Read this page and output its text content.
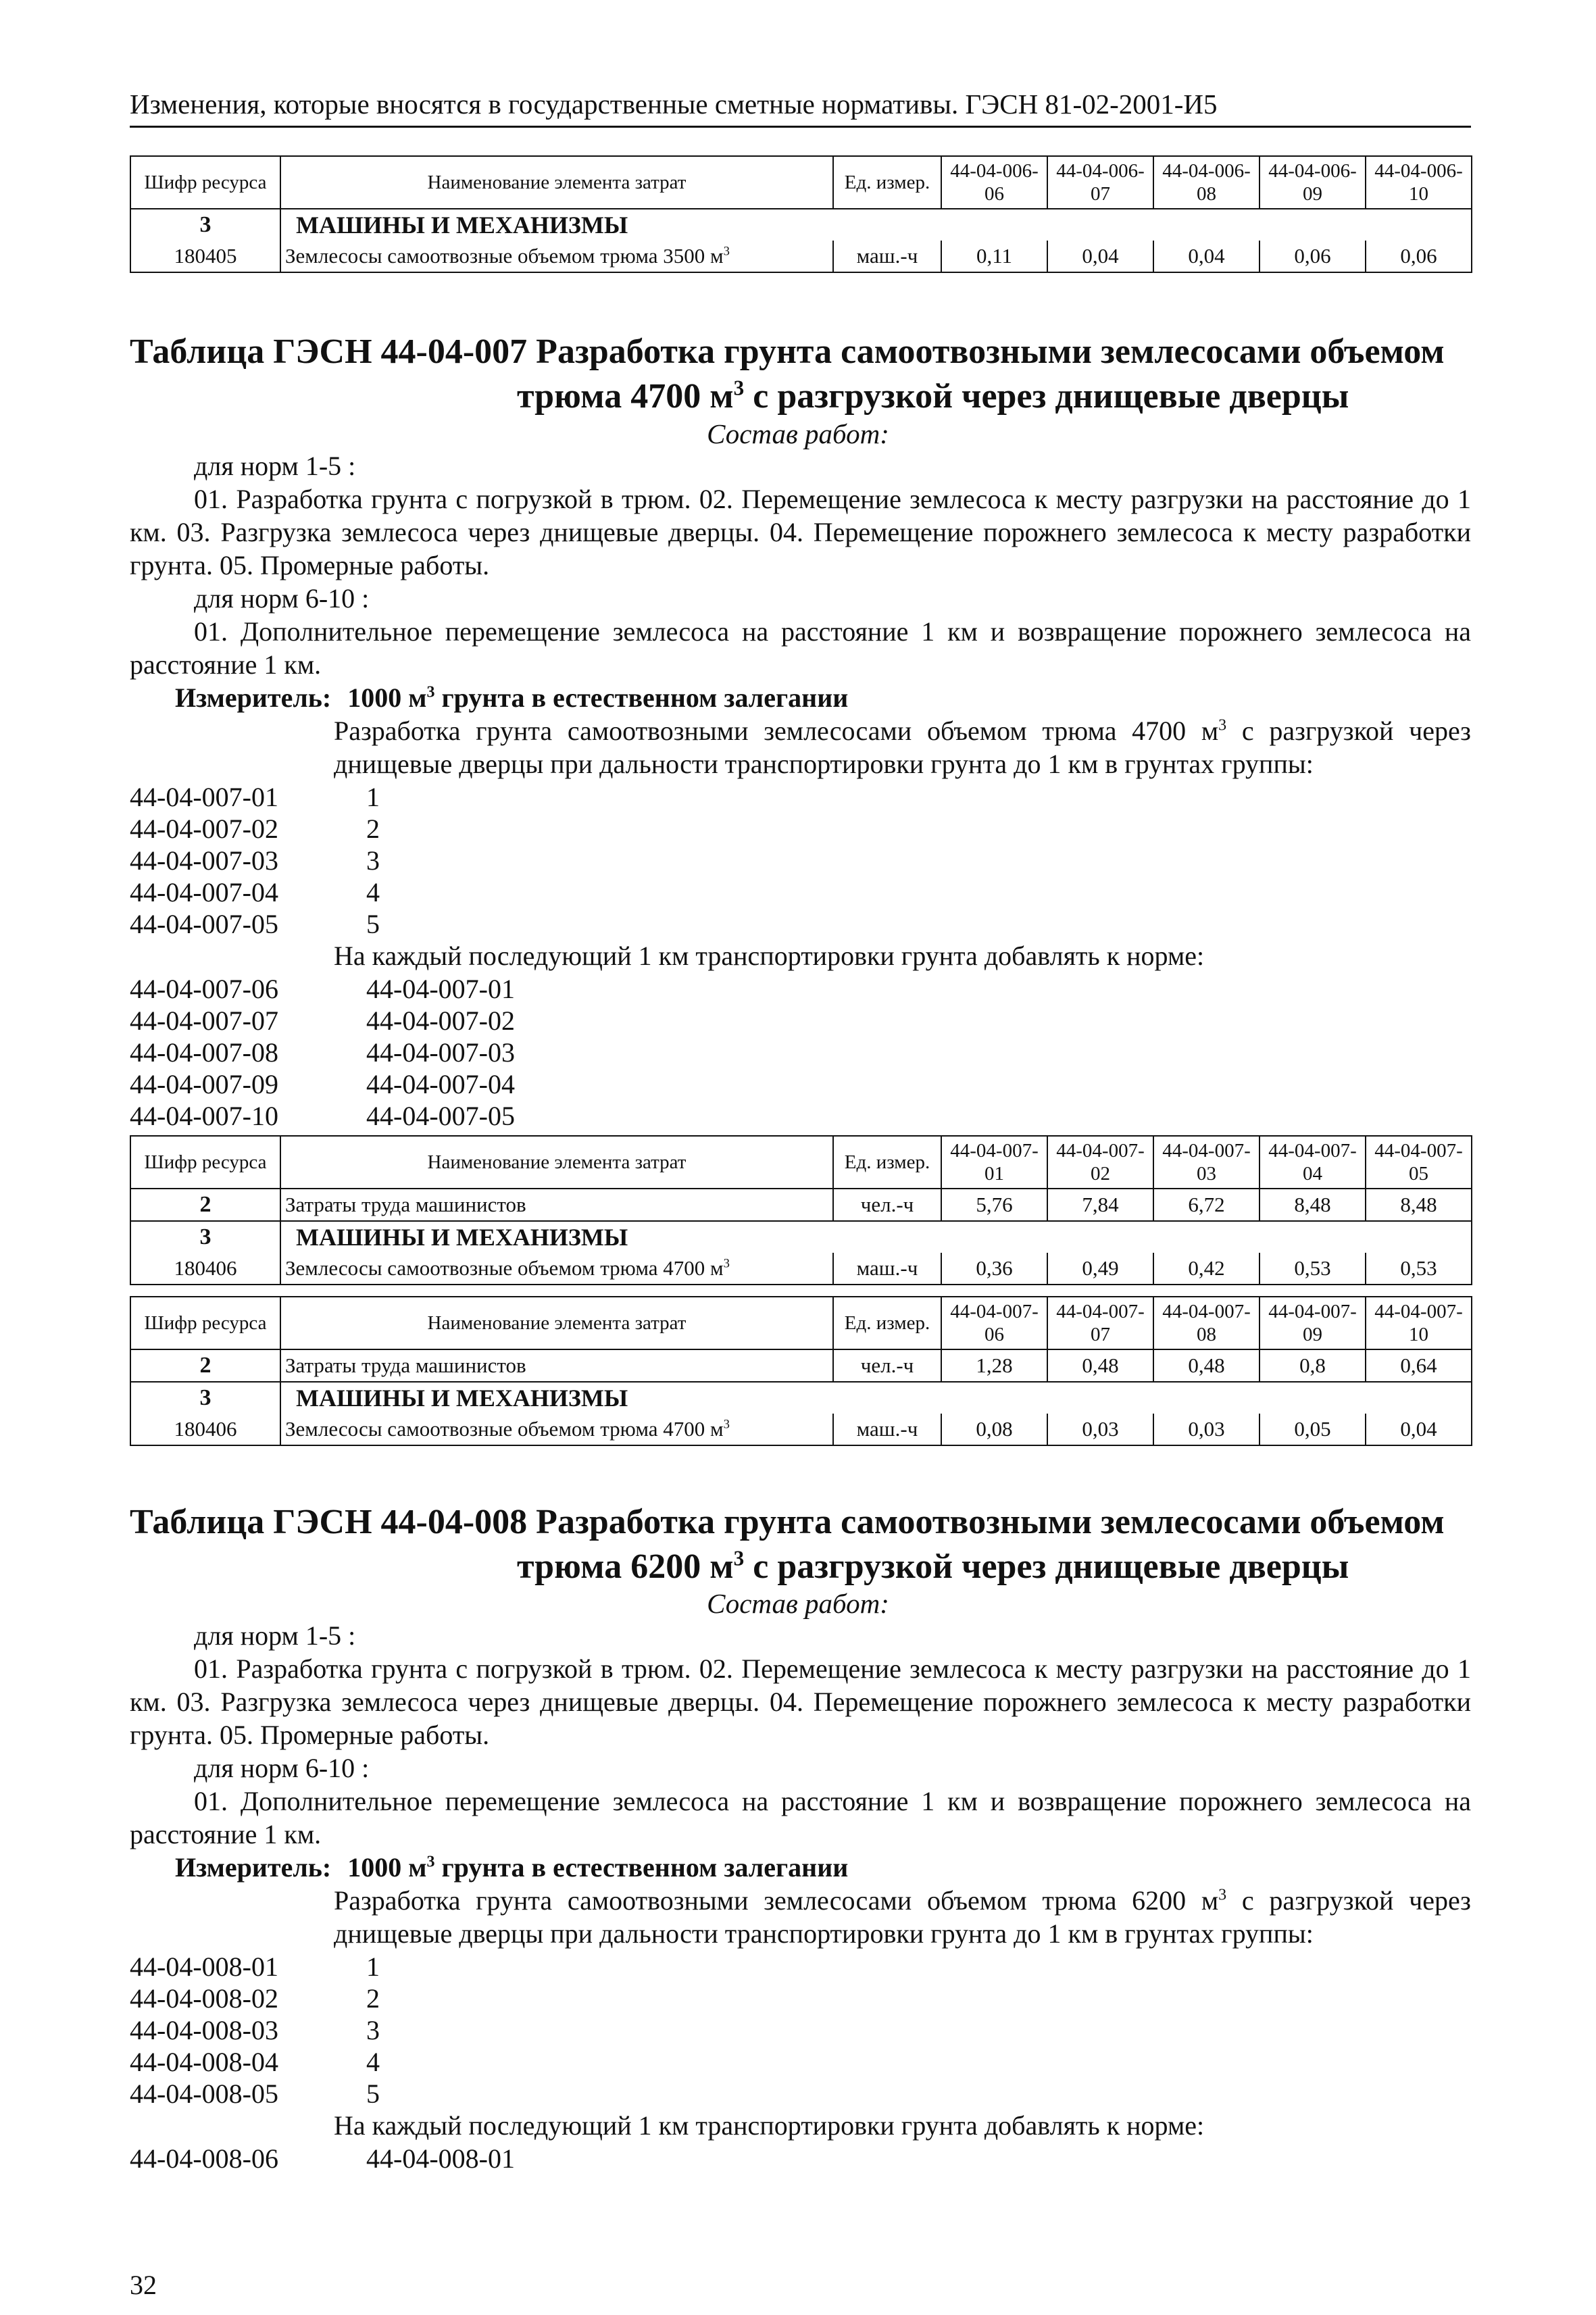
Изменения, которые вносятся в государственные сметные нормативы. ГЭСН 81-02-2001-И5
Шифр ресурса	Наименование элемента затрат	Ед. измер.	44-04-006-06	44-04-006-07	44-04-006-08	44-04-006-09	44-04-006-10
3	МАШИНЫ И МЕХАНИЗМЫ						
180405	Землесосы самоотвозные объемом трюма 3500 $м^3$	маш.-ч	0,11	0,04	0,04	0,06	0,06
Таблица ГЭСН 44-04-007 Разработка грунта самоотвозными землесосами объемом
трюма 4700 $м^3$ с разгрузкой через днищевые дверцы
Состав работ:
для норм 1-5 :
01. Разработка грунта с погрузкой в трюм. 02. Перемещение землесоса к месту разгрузки на расстояние до 1 км. 03. Разгрузка землесоса через днищевые дверцы. 04. Перемещение порожнего землесоса к месту разработки грунта. 05. Промерные работы.
для норм 6-10 :
01. Дополнительное перемещение землесоса на расстояние 1 км и возвращение порожнего землесоса на расстояние 1 км.
Измеритель: 1000 $м^3$ грунта в естественном залегании
Разработка грунта самоотвозными землесосами объемом трюма 4700 $м^3$ с разгрузкой через днищевые дверцы при дальности транспортировки грунта до 1 км в грунтах группы:
44-04-007-01	1
44-04-007-02	2
44-04-007-03	3
44-04-007-04	4
44-04-007-05	5
На каждый последующий 1 км транспортировки грунта добавлять к норме:
44-04-007-06	44-04-007-01
44-04-007-07	44-04-007-02
44-04-007-08	44-04-007-03
44-04-007-09	44-04-007-04
44-04-007-10	44-04-007-05
Шифр ресурса	Наименование элемента затрат	Ед. измер.	44-04-007-01	44-04-007-02	44-04-007-03	44-04-007-04	44-04-007-05
2	Затраты труда машинистов	чел.-ч	5,76	7,84	6,72	8,48	8,48
3	МАШИНЫ И МЕХАНИЗМЫ						
180406	Землесосы самоотвозные объемом трюма 4700 $м^3$	маш.-ч	0,36	0,49	0,42	0,53	0,53
Шифр ресурса	Наименование элемента затрат	Ед. измер.	44-04-007-06	44-04-007-07	44-04-007-08	44-04-007-09	44-04-007-10
2	Затраты труда машинистов	чел.-ч	1,28	0,48	0,48	0,8	0,64
3	МАШИНЫ И МЕХАНИЗМЫ						
180406	Землесосы самоотвозные объемом трюма 4700 $м^3$	маш.-ч	0,08	0,03	0,03	0,05	0,04
Таблица ГЭСН 44-04-008 Разработка грунта самоотвозными землесосами объемом
трюма 6200 $м^3$ с разгрузкой через днищевые дверцы
Состав работ:
для норм 1-5 :
01. Разработка грунта с погрузкой в трюм. 02. Перемещение землесоса к месту разгрузки на расстояние до 1 км. 03. Разгрузка землесоса через днищевые дверцы. 04. Перемещение порожнего землесоса к месту разработки грунта. 05. Промерные работы.
для норм 6-10 :
01. Дополнительное перемещение землесоса на расстояние 1 км и возвращение порожнего землесоса на расстояние 1 км.
Измеритель: 1000 $м^3$ грунта в естественном залегании
Разработка грунта самоотвозными землесосами объемом трюма 6200 $м^3$ с разгрузкой через днищевые дверцы при дальности транспортировки грунта до 1 км в грунтах группы:
44-04-008-01	1
44-04-008-02	2
44-04-008-03	3
44-04-008-04	4
44-04-008-05	5
На каждый последующий 1 км транспортировки грунта добавлять к норме:
44-04-008-06	44-04-008-01
32
